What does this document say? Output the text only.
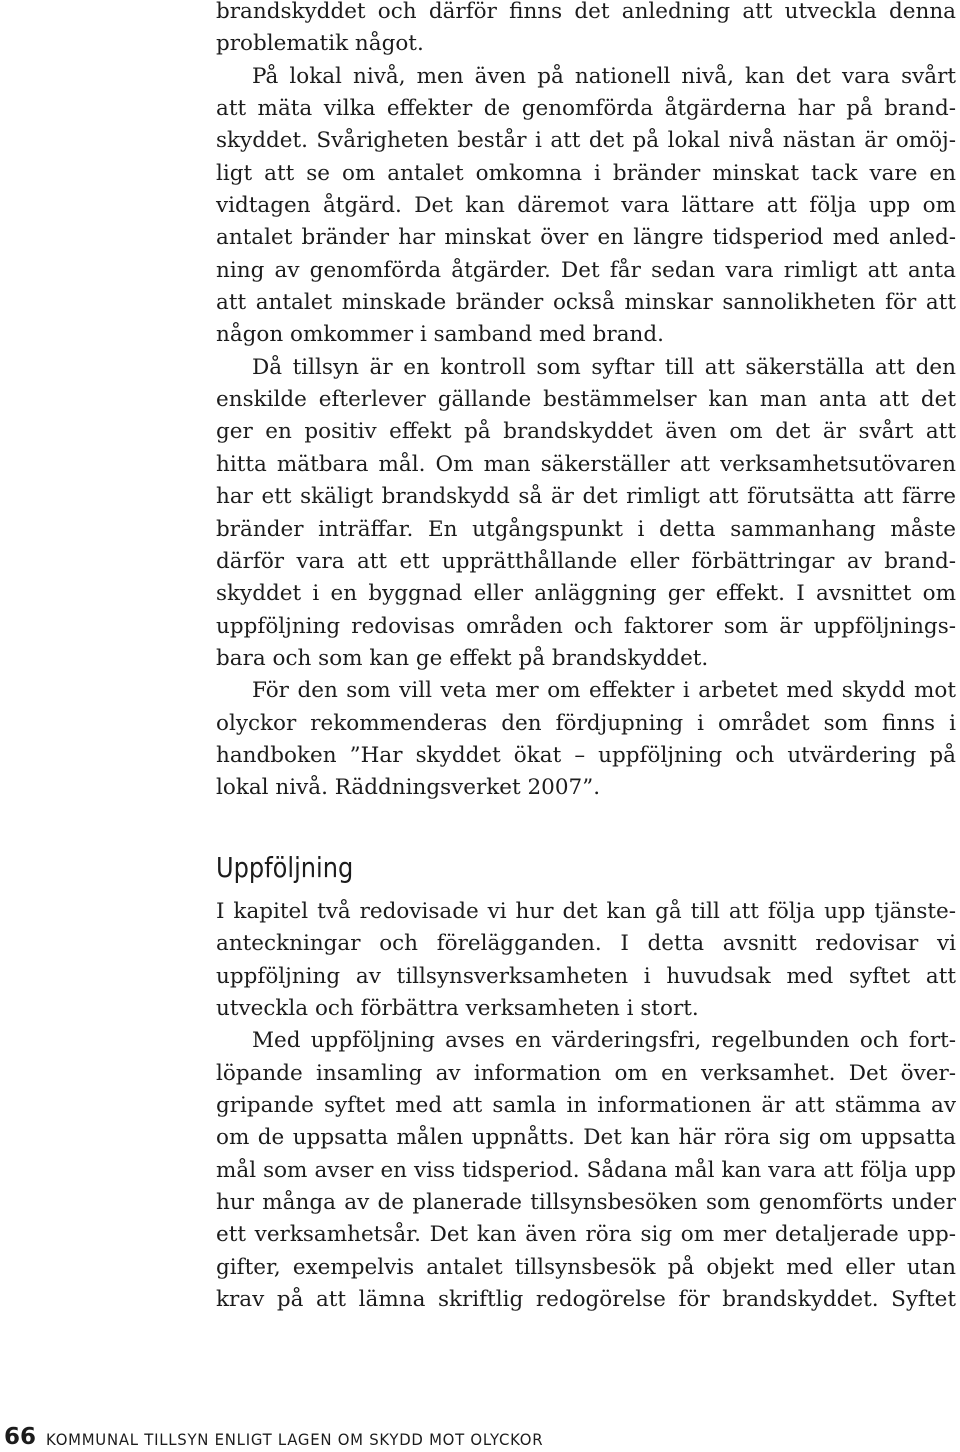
brandskyddet och därför finns det anledning att utveckla denna
problematik något.
På lokal nivå, men även på nationell nivå, kan det vara svårt
att mäta vilka effekter de genomförda åtgärderna har på brand-
skyddet. Svårigheten består i att det på lokal nivå nästan är omöj-
ligt att se om antalet omkomna i bränder minskat tack vare en
vidtagen åtgärd. Det kan däremot vara lättare att följa upp om
antalet bränder har minskat över en längre tidsperiod med anled-
ning av genomförda åtgärder. Det får sedan vara rimligt att anta
att antalet minskade bränder också minskar sannolikheten för att
någon omkommer i samband med brand.
Då tillsyn är en kontroll som syftar till att säkerställa att den
enskilde efterlever gällande bestämmelser kan man anta att det
ger en positiv effekt på brandskyddet även om det är svårt att
hitta mätbara mål. Om man säkerställer att verksamhetsutövaren
har ett skäligt brandskydd så är det rimligt att förutsätta att färre
bränder inträffar. En utgångspunkt i detta sammanhang måste
därför vara att ett upprätthållande eller förbättringar av brand-
skyddet i en byggnad eller anläggning ger effekt. I avsnittet om
uppföljning redovisas områden och faktorer som är uppföljnings-
bara och som kan ge effekt på brandskyddet.
För den som vill veta mer om effekter i arbetet med skydd mot
olyckor rekommenderas den fördjupning i området som finns i
handboken ”Har skyddet ökat – uppföljning och utvärdering på
lokal nivå. Räddningsverket 2007”.
Uppföljning
I kapitel två redovisade vi hur det kan gå till att följa upp tjänste-
anteckningar och förelägganden. I detta avsnitt redovisar vi
uppföljning av tillsynsverksamheten i huvudsak med syftet att
utveckla och förbättra verksamheten i stort.
Med uppföljning avses en värderingsfri, regelbunden och fort-
löpande insamling av information om en verksamhet. Det över-
gripande syftet med att samla in informationen är att stämma av
om de uppsatta målen uppnåtts. Det kan här röra sig om uppsatta
mål som avser en viss tidsperiod. Sådana mål kan vara att följa upp
hur många av de planerade tillsynsbesöken som genomförts under
ett verksamhetsår. Det kan även röra sig om mer detaljerade upp-
gifter, exempelvis antalet tillsynsbesök på objekt med eller utan
krav på att lämna skriftlig redogörelse för brandskyddet. Syftet
66 KOMMUNAL TILLSYN ENLIGT LAGEN OM SKYDD MOT OLYCKOR
